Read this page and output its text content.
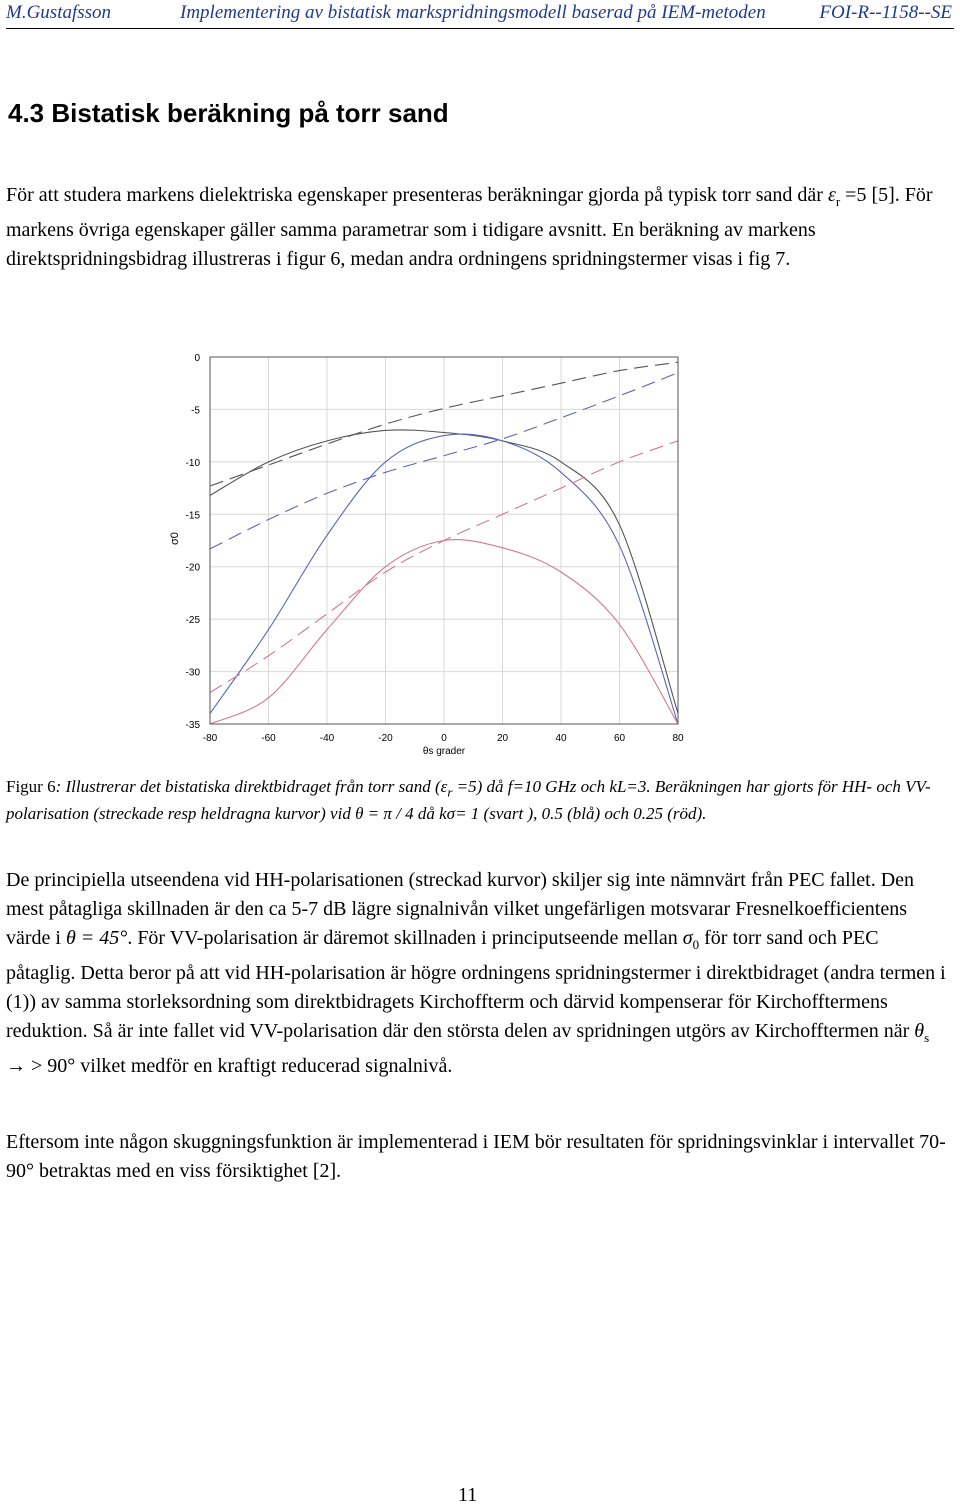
M.Gustafsson	Implementering av bistatisk markspridningsmodell baserad på IEM-metoden	FOI-R--1158--SE
4.3 Bistatisk beräkning på torr sand

För att studera markens dielektriska egenskaper presenteras beräkningar gjorda på typisk torr sand där $\varepsilon_r =5$ [5]. För markens övriga egenskaper gäller samma parametrar som i tidigare avsnitt. En beräkning av markens direktspridningsbidrag illustreras i figur 6, medan andra ordningens spridningstermer visas i fig 7.

0
-5
-10
-15
-20
-25
-30
-35
-80	-60	-40	-20	0	20	40	60	80
σ0
θs grader

Figur 6: Illustrerar det bistatiska direktbidraget från torr sand $(\varepsilon_r =5)$ då f=10 GHz och kL=3. Beräkningen har gjorts för HH- och VV-polarisation (streckade resp heldragna kurvor) vid θ = π / 4 då kσ= 1 (svart ), 0.5 (blå) och 0.25 (röd).

De principiella utseendena vid HH-polarisationen (streckad kurvor) skiljer sig inte nämnvärt från PEC fallet. Den mest påtagliga skillnaden är den ca 5-7 dB lägre signalnivån vilket ungefärligen motsvarar Fresnelkoefficientens värde i θ = 45°. För VV-polarisation är däremot skillnaden i principutseende mellan $\sigma_0$ för torr sand och PEC påtaglig. Detta beror på att vid HH-polarisation är högre ordningens spridningstermer i direktbidraget (andra termen i (1)) av samma storleksordning som direktbidragets Kirchoffterm och därvid kompenserar för Kirchofftermens reduktion. Så är inte fallet vid VV-polarisation där den största delen av spridningen utgörs av Kirchofftermen när $\theta_s$ → > 90° vilket medför en kraftigt reducerad signalnivå.

Eftersom inte någon skuggningsfunktion är implementerad i IEM bör resultaten för spridningsvinklar i intervallet 70-90° betraktas med en viss försiktighet [2].

11
